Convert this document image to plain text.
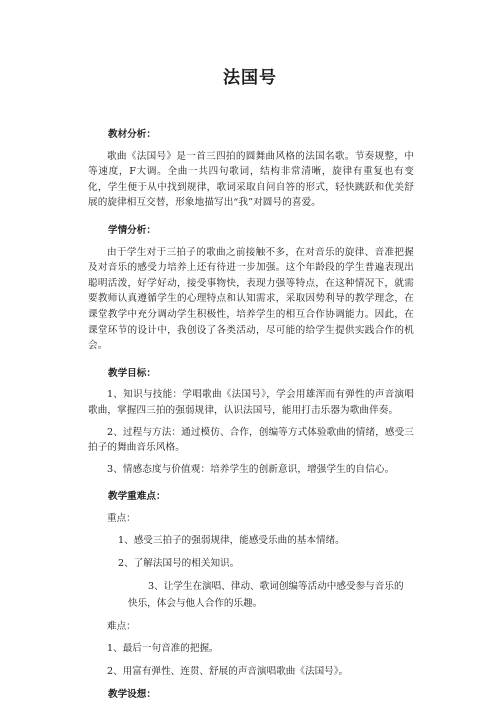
法国号
教材分析：

歌曲《法国号》是一首三四拍的圆舞曲风格的法国名歌。节奏规整，中等速度，F大调。全曲一共四句歌词，结构非常清晰，旋律有重复也有变化，学生便于从中找到规律，歌词采取自问自答的形式，轻快跳跃和优美舒展的旋律相互交替，形象地描写出“我”对圆号的喜爱。

学情分析：

由于学生对于三拍子的歌曲之前接触不多，在对音乐的旋律、音准把握及对音乐的感受力培养上还有待进一步加强。这个年龄段的学生普遍表现出聪明活泼，好学好动，接受事物快，表现力强等特点，在这种情况下，就需要教师认真遵循学生的心理特点和认知需求，采取因势利导的教学理念，在课堂教学中充分调动学生积极性，培养学生的相互合作协调能力。因此，在课堂环节的设计中，我创设了各类活动，尽可能的给学生提供实践合作的机会。

教学目标：

1、知识与技能：学唱歌曲《法国号》，学会用雄浑而有弹性的声音演唱歌曲，掌握四三拍的强弱规律，认识法国号，能用打击乐器为歌曲伴奏。

2、过程与方法：通过模仿、合作，创编等方式体验歌曲的情绪，感受三拍子的舞曲音乐风格。

3、情感态度与价值观：培养学生的创新意识，增强学生的自信心。

教学重难点：
重点：
1、感受三拍子的强弱规律，能感受乐曲的基本情绪。
2、了解法国号的相关知识。
3、让学生在演唱、律动、歌词创编等活动中感受参与音乐的
快乐，体会与他人合作的乐趣。
难点：
1、最后一句音准的把握。
2、用富有弹性、连贯、舒展的声音演唱歌曲《法国号》。
教学设想：
